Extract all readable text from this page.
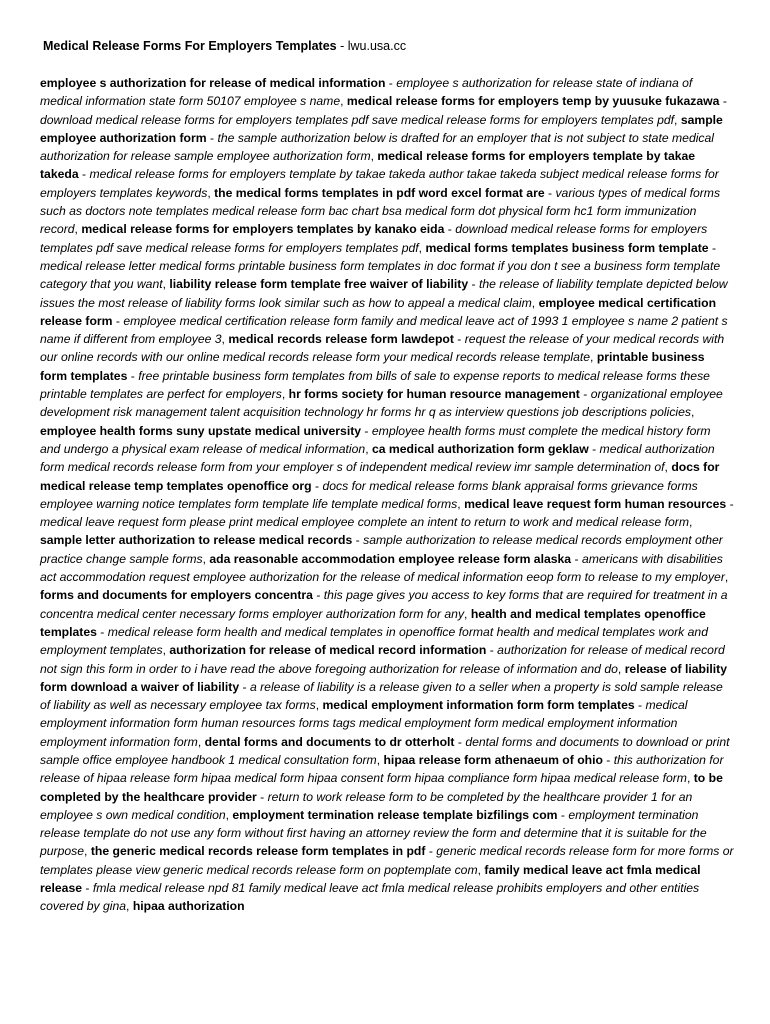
Medical Release Forms For Employers Templates - lwu.usa.cc
employee s authorization for release of medical information - employee s authorization for release state of indiana of medical information state form 50107 employee s name, medical release forms for employers temp by yuusuke fukazawa - download medical release forms for employers templates pdf save medical release forms for employers templates pdf, sample employee authorization form - the sample authorization below is drafted for an employer that is not subject to state medical authorization for release sample employee authorization form, medical release forms for employers template by takae takeda - medical release forms for employers template by takae takeda author takae takeda subject medical release forms for employers templates keywords, the medical forms templates in pdf word excel format are - various types of medical forms such as doctors note templates medical release form bac chart bsa medical form dot physical form hc1 form immunization record, medical release forms for employers templates by kanako eida - download medical release forms for employers templates pdf save medical release forms for employers templates pdf, medical forms templates business form template - medical release letter medical forms printable business form templates in doc format if you don t see a business form template category that you want, liability release form template free waiver of liability - the release of liability template depicted below issues the most release of liability forms look similar such as how to appeal a medical claim, employee medical certification release form - employee medical certification release form family and medical leave act of 1993 1 employee s name 2 patient s name if different from employee 3, medical records release form lawdepot - request the release of your medical records with our online records with our online medical records release form your medical records release template, printable business form templates - free printable business form templates from bills of sale to expense reports to medical release forms these printable templates are perfect for employers, hr forms society for human resource management - organizational employee development risk management talent acquisition technology hr forms hr q as interview questions job descriptions policies, employee health forms suny upstate medical university - employee health forms must complete the medical history form and undergo a physical exam release of medical information, ca medical authorization form geklaw - medical authorization form medical records release form from your employer s of independent medical review imr sample determination of, docs for medical release temp templates openoffice org - docs for medical release forms blank appraisal forms grievance forms employee warning notice templates form template life template medical forms, medical leave request form human resources - medical leave request form please print medical employee complete an intent to return to work and medical release form, sample letter authorization to release medical records - sample authorization to release medical records employment other practice change sample forms, ada reasonable accommodation employee release form alaska - americans with disabilities act accommodation request employee authorization for the release of medical information eeop form to release to my employer, forms and documents for employers concentra - this page gives you access to key forms that are required for treatment in a concentra medical center necessary forms employer authorization form for any, health and medical templates openoffice templates - medical release form health and medical templates in openoffice format health and medical templates work and employment templates, authorization for release of medical record information - authorization for release of medical record not sign this form in order to i have read the above foregoing authorization for release of information and do, release of liability form download a waiver of liability - a release of liability is a release given to a seller when a property is sold sample release of liability as well as necessary employee tax forms, medical employment information form form templates - medical employment information form human resources forms tags medical employment form medical employment information employment information form, dental forms and documents to dr otterholt - dental forms and documents to download or print sample office employee handbook 1 medical consultation form, hipaa release form athenaeum of ohio - this authorization for release of hipaa release form hipaa medical form hipaa consent form hipaa compliance form hipaa medical release form, to be completed by the healthcare provider - return to work release form to be completed by the healthcare provider 1 for an employee s own medical condition, employment termination release template bizfilings com - employment termination release template do not use any form without first having an attorney review the form and determine that it is suitable for the purpose, the generic medical records release form templates in pdf - generic medical records release form for more forms or templates please view generic medical records release form on poptemplate com, family medical leave act fmla medical release - fmla medical release npd 81 family medical leave act fmla medical release prohibits employers and other entities covered by gina, hipaa authorization
